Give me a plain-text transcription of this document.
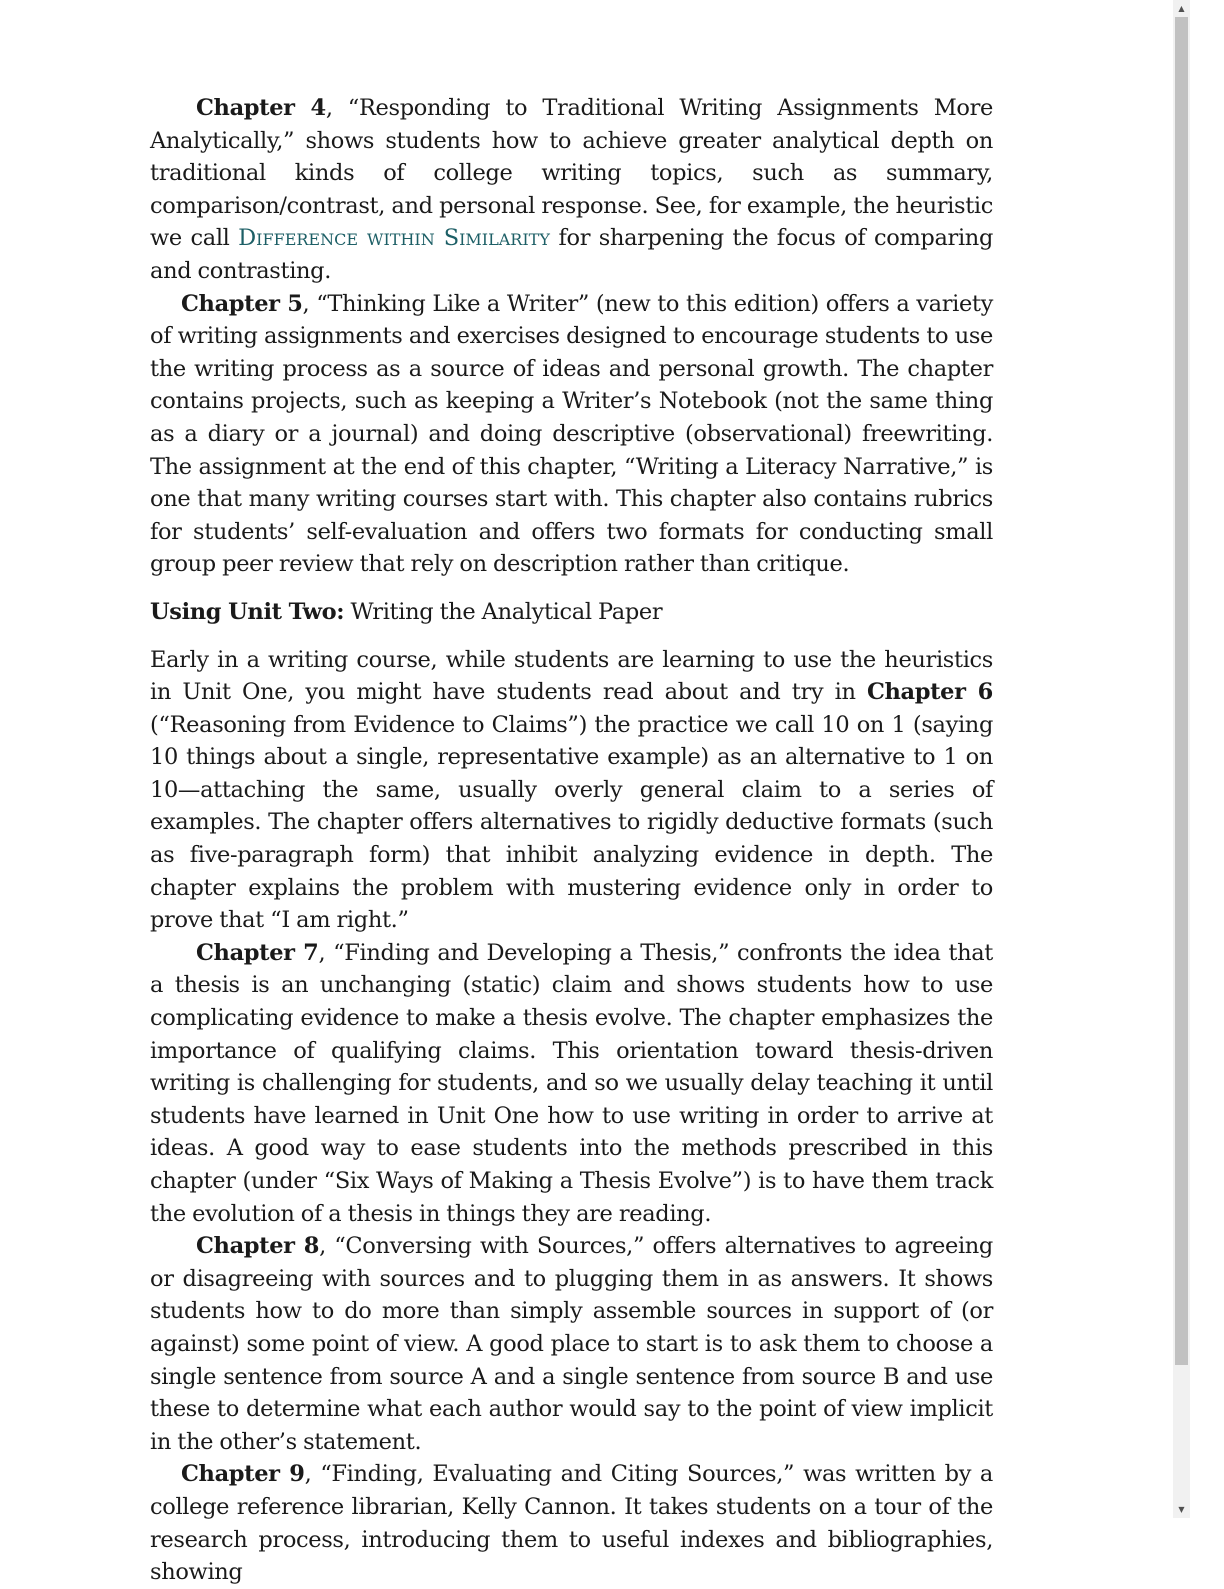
Chapter 4, “Responding to Traditional Writing Assignments More Analytically,” shows students how to achieve greater analytical depth on traditional kinds of college writing topics, such as summary, comparison/contrast, and personal response. See, for example, the heuristic we call Difference within Similarity for sharpening the focus of comparing and contrasting.

Chapter 5, “Thinking Like a Writer” (new to this edition) offers a variety of writing assignments and exercises designed to encourage students to use the writing process as a source of ideas and personal growth. The chapter contains projects, such as keeping a Writer’s Notebook (not the same thing as a diary or a journal) and doing descriptive (observational) freewriting. The assignment at the end of this chapter, “Writing a Literacy Narrative,” is one that many writing courses start with. This chapter also contains rubrics for students’ self-evaluation and offers two formats for conducting small group peer review that rely on description rather than critique.

Using Unit Two: Writing the Analytical Paper

Early in a writing course, while students are learning to use the heuristics in Unit One, you might have students read about and try in Chapter 6 (“Reasoning from Evidence to Claims”) the practice we call 10 on 1 (saying 10 things about a single, representative example) as an alternative to 1 on 10—attaching the same, usually overly general claim to a series of examples. The chapter offers alternatives to rigidly deductive formats (such as five-paragraph form) that inhibit analyzing evidence in depth. The chapter explains the problem with mustering evidence only in order to prove that “I am right.”

Chapter 7, “Finding and Developing a Thesis,” confronts the idea that a thesis is an unchanging (static) claim and shows students how to use complicating evidence to make a thesis evolve. The chapter emphasizes the importance of qualifying claims. This orientation toward thesis-driven writing is challenging for students, and so we usually delay teaching it until students have learned in Unit One how to use writing in order to arrive at ideas. A good way to ease students into the methods prescribed in this chapter (under “Six Ways of Making a Thesis Evolve”) is to have them track the evolution of a thesis in things they are reading.

Chapter 8, “Conversing with Sources,” offers alternatives to agreeing or disagreeing with sources and to plugging them in as answers. It shows students how to do more than simply assemble sources in support of (or against) some point of view. A good place to start is to ask them to choose a single sentence from source A and a single sentence from source B and use these to determine what each author would say to the point of view implicit in the other’s statement.

Chapter 9, “Finding, Evaluating and Citing Sources,” was written by a college reference librarian, Kelly Cannon. It takes students on a tour of the research process, introducing them to useful indexes and bibliographies, showing

▲
▼
